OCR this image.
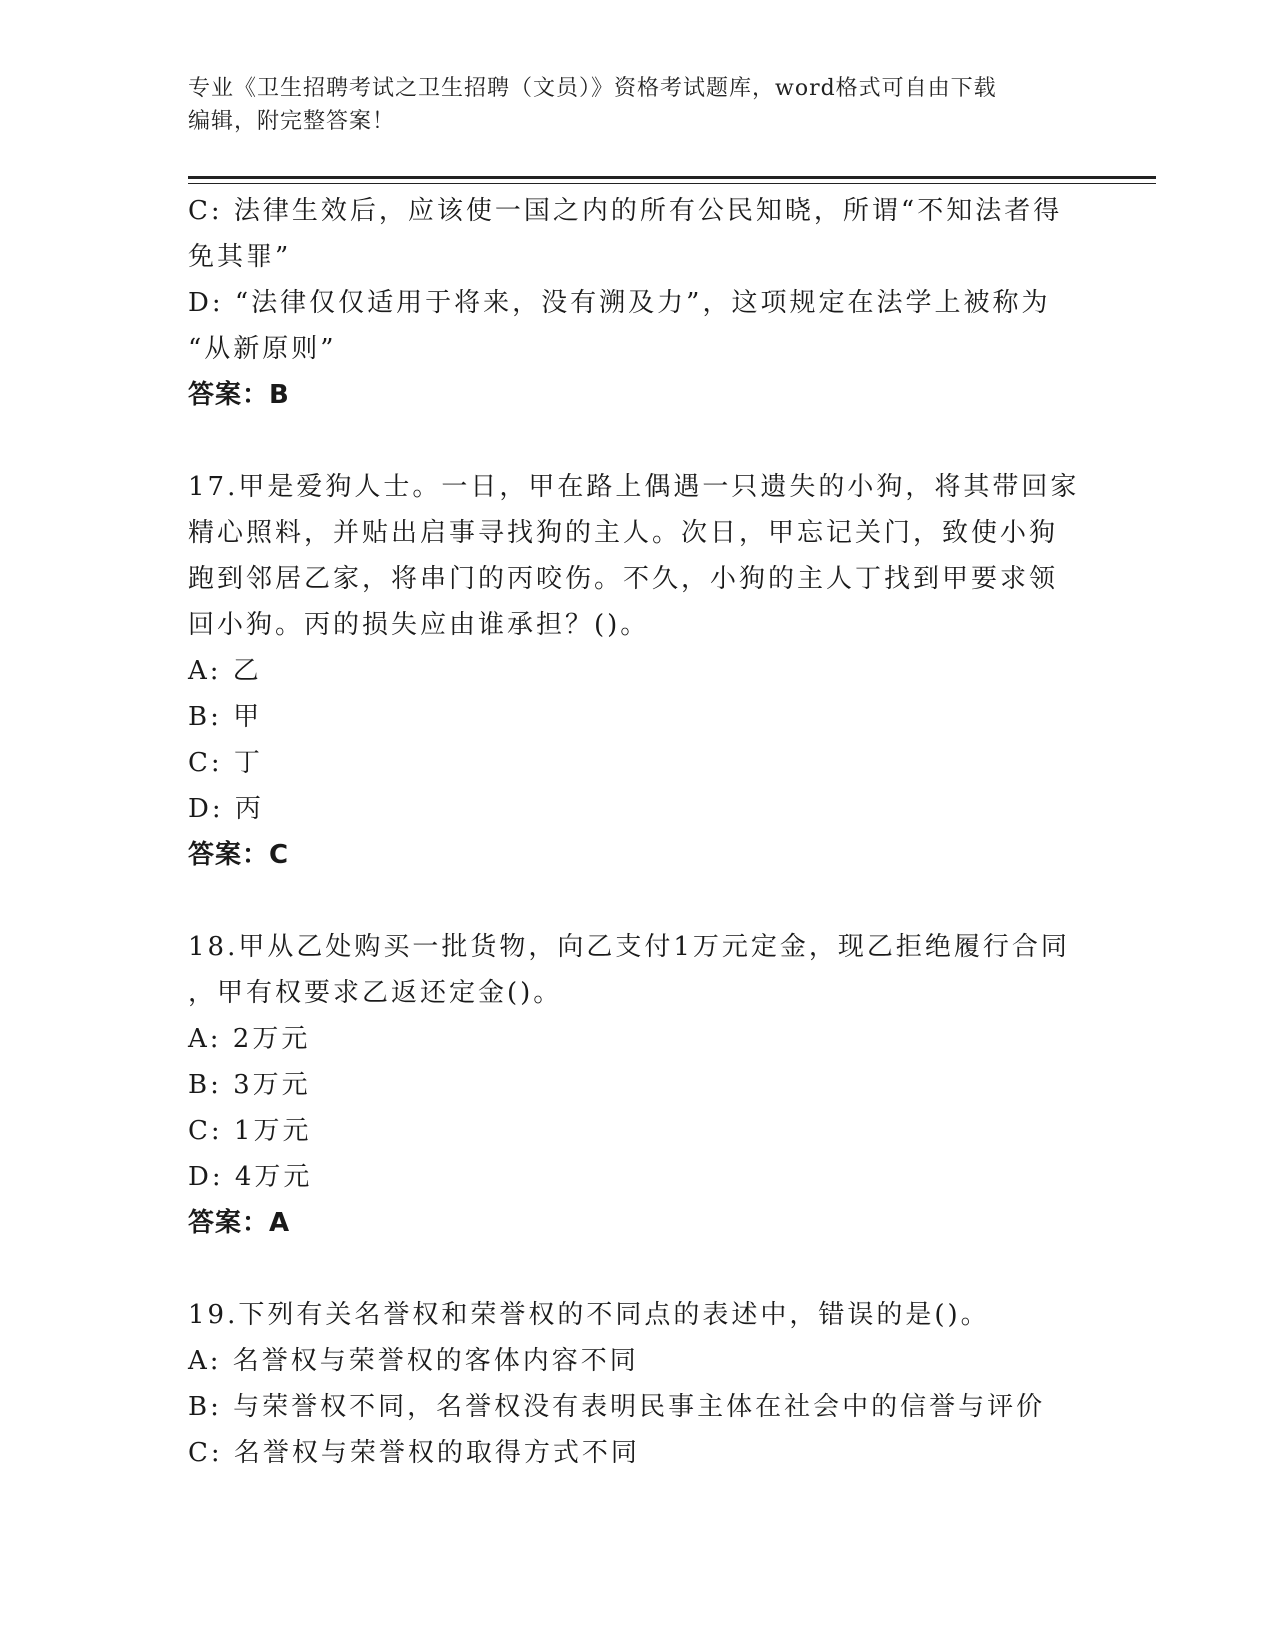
专业《卫生招聘考试之卫生招聘（文员）》资格考试题库，word格式可自由下载
编辑，附完整答案！
C: 法律生效后，应该使一国之内的所有公民知晓，所谓“不知法者得
免其罪”
D: “法律仅仅适用于将来，没有溯及力”，这项规定在法学上被称为
“从新原则”
答案：B
17.甲是爱狗人士。一日，甲在路上偶遇一只遗失的小狗，将其带回家
精心照料，并贴出启事寻找狗的主人。次日，甲忘记关门，致使小狗
跑到邻居乙家，将串门的丙咬伤。不久，小狗的主人丁找到甲要求领
回小狗。丙的损失应由谁承担？()。
A: 乙
B: 甲
C: 丁
D: 丙
答案：C
18.甲从乙处购买一批货物，向乙支付1万元定金，现乙拒绝履行合同
，甲有权要求乙返还定金()。
A: 2万元
B: 3万元
C: 1万元
D: 4万元
答案：A
19.下列有关名誉权和荣誉权的不同点的表述中，错误的是()。
A: 名誉权与荣誉权的客体内容不同
B: 与荣誉权不同，名誉权没有表明民事主体在社会中的信誉与评价
C: 名誉权与荣誉权的取得方式不同
